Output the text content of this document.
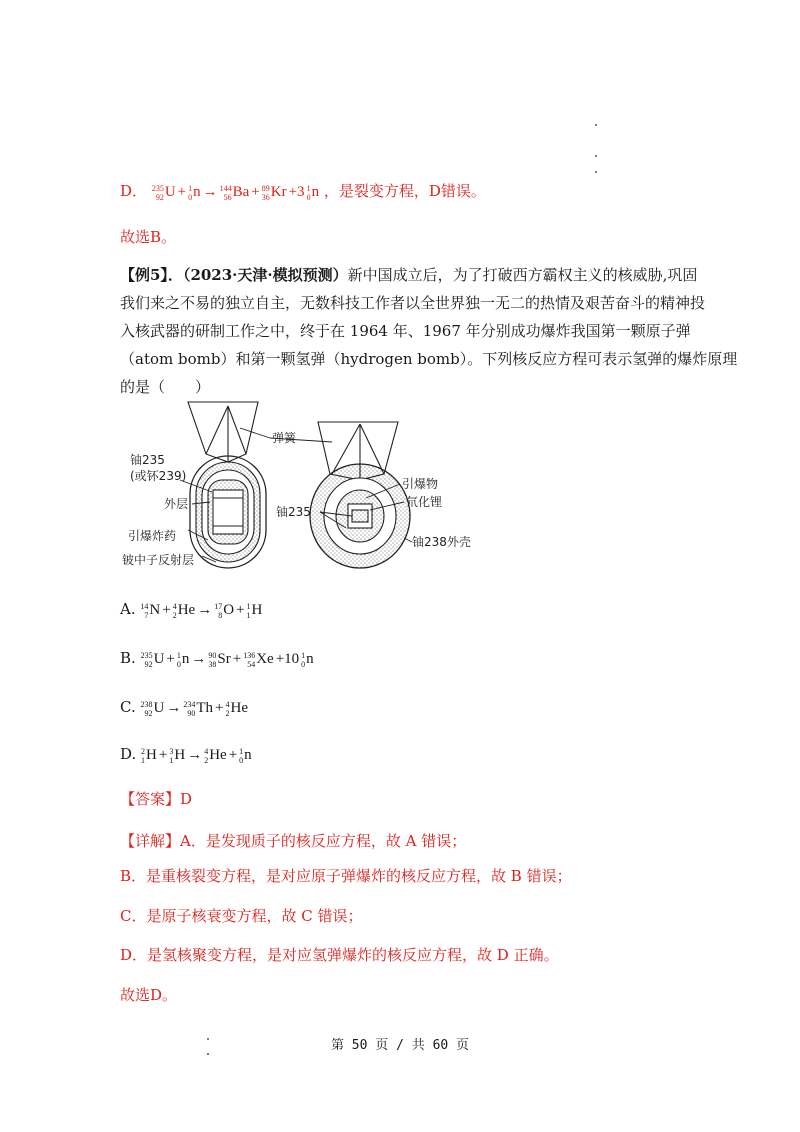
D． 235
92 U + 1
0 n → 144
56 Ba + 89
36 Kr +3 1
0 n ，是裂变方程，D错误。
故选B。
【例5】．（2023·天津·模拟预测）新中国成立后，为了打破西方霸权主义的核威胁,巩固
我们来之不易的独立自主，无数科技工作者以全世界独一无二的热情及艰苦奋斗的精神投
入核武器的研制工作之中，终于在 1964 年、1967 年分别成功爆炸我国第一颗原子弹
（atom bomb）和第一颗氢弹（hydrogen bomb）。下列核反应方程可表示氢弹的爆炸原理
的是（　　）
弹簧
铀235
(或钚239)
外层
引爆炸药
铍中子反射层
引爆物
氘化锂
铀235
铀238外壳
A. 14
7 N + 4
2 He → 17
8 O + 1
1 H
B. 235
92 U + 1
0 n → 90
38 Sr + 136
54 Xe +10 1
0 n
C. 238
92 U → 234
90 Th + 4
2 He
D. 2
1 H + 3
1 H → 4
2 He + 1
0 n
【答案】D
【详解】A．是发现质子的核反应方程，故 A 错误；
B．是重核裂变方程，是对应原子弹爆炸的核反应方程，故 B 错误；
C．是原子核衰变方程，故 C 错误；
D．是氢核聚变方程，是对应氢弹爆炸的核反应方程，故 D 正确。
故选D。
第 50 页 / 共 60 页
